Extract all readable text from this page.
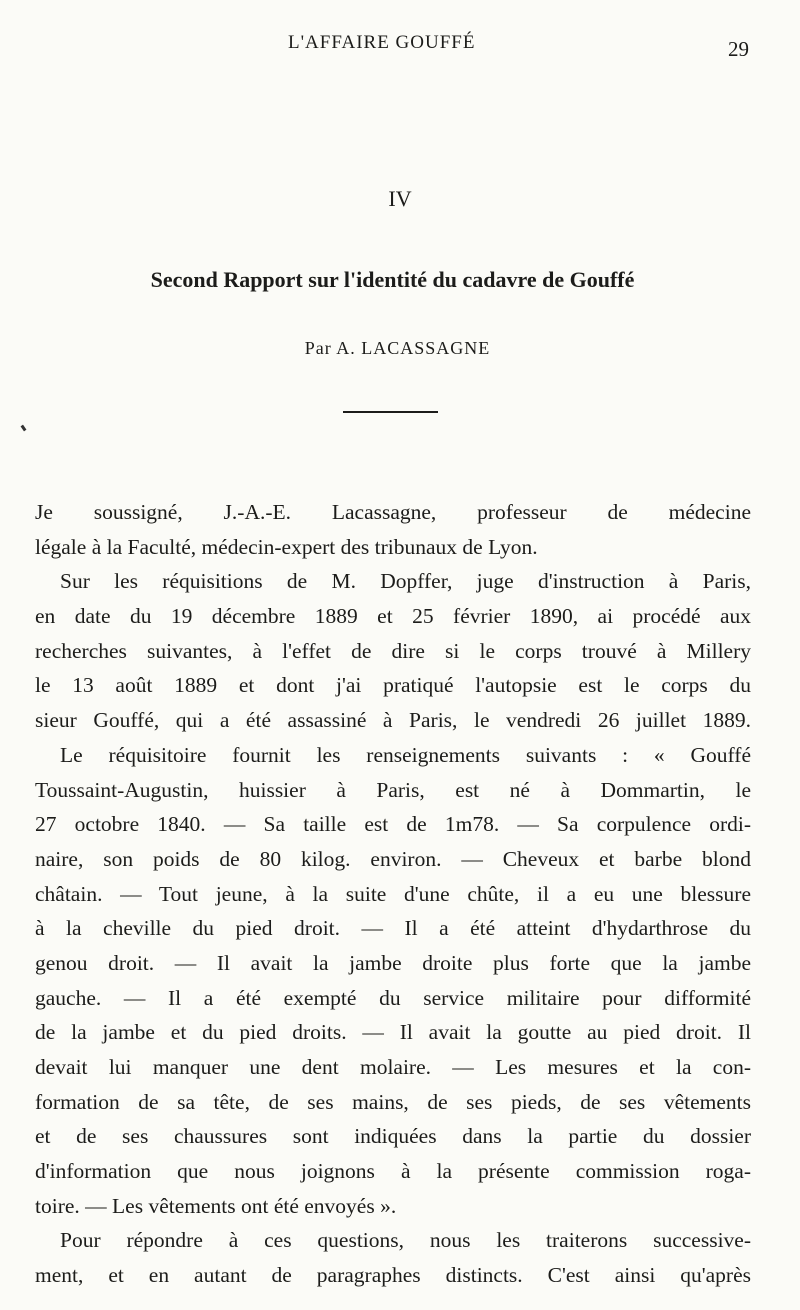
L'AFFAIRE GOUFFÉ	29
IV
Second Rapport sur l'identité du cadavre de Gouffé
Par A. LACASSAGNE
Je soussigné, J.-A.-E. Lacassagne, professeur de médecine
légale à la Faculté, médecin-expert des tribunaux de Lyon.
Sur les réquisitions de M. Dopffer, juge d'instruction à Paris,
en date du 19 décembre 1889 et 25 février 1890, ai procédé aux
recherches suivantes, à l'effet de dire si le corps trouvé à Millery
le 13 août 1889 et dont j'ai pratiqué l'autopsie est le corps du
sieur Gouffé, qui a été assassiné à Paris, le vendredi 26 juillet 1889.
Le réquisitoire fournit les renseignements suivants : « Gouffé
Toussaint-Augustin, huissier à Paris, est né à Dommartin, le
27 octobre 1840. — Sa taille est de 1m78. — Sa corpulence ordi-
naire, son poids de 80 kilog. environ. — Cheveux et barbe blond
châtain. — Tout jeune, à la suite d'une chûte, il a eu une blessure
à la cheville du pied droit. — Il a été atteint d'hydarthrose du
genou droit. — Il avait la jambe droite plus forte que la jambe
gauche. — Il a été exempté du service militaire pour difformité
de la jambe et du pied droits. — Il avait la goutte au pied droit. Il
devait lui manquer une dent molaire. — Les mesures et la con-
formation de sa tête, de ses mains, de ses pieds, de ses vêtements
et de ses chaussures sont indiquées dans la partie du dossier
d'information que nous joignons à la présente commission roga-
toire. — Les vêtements ont été envoyés ».
Pour répondre à ces questions, nous les traiterons successive-
ment, et en autant de paragraphes distincts. C'est ainsi qu'après
